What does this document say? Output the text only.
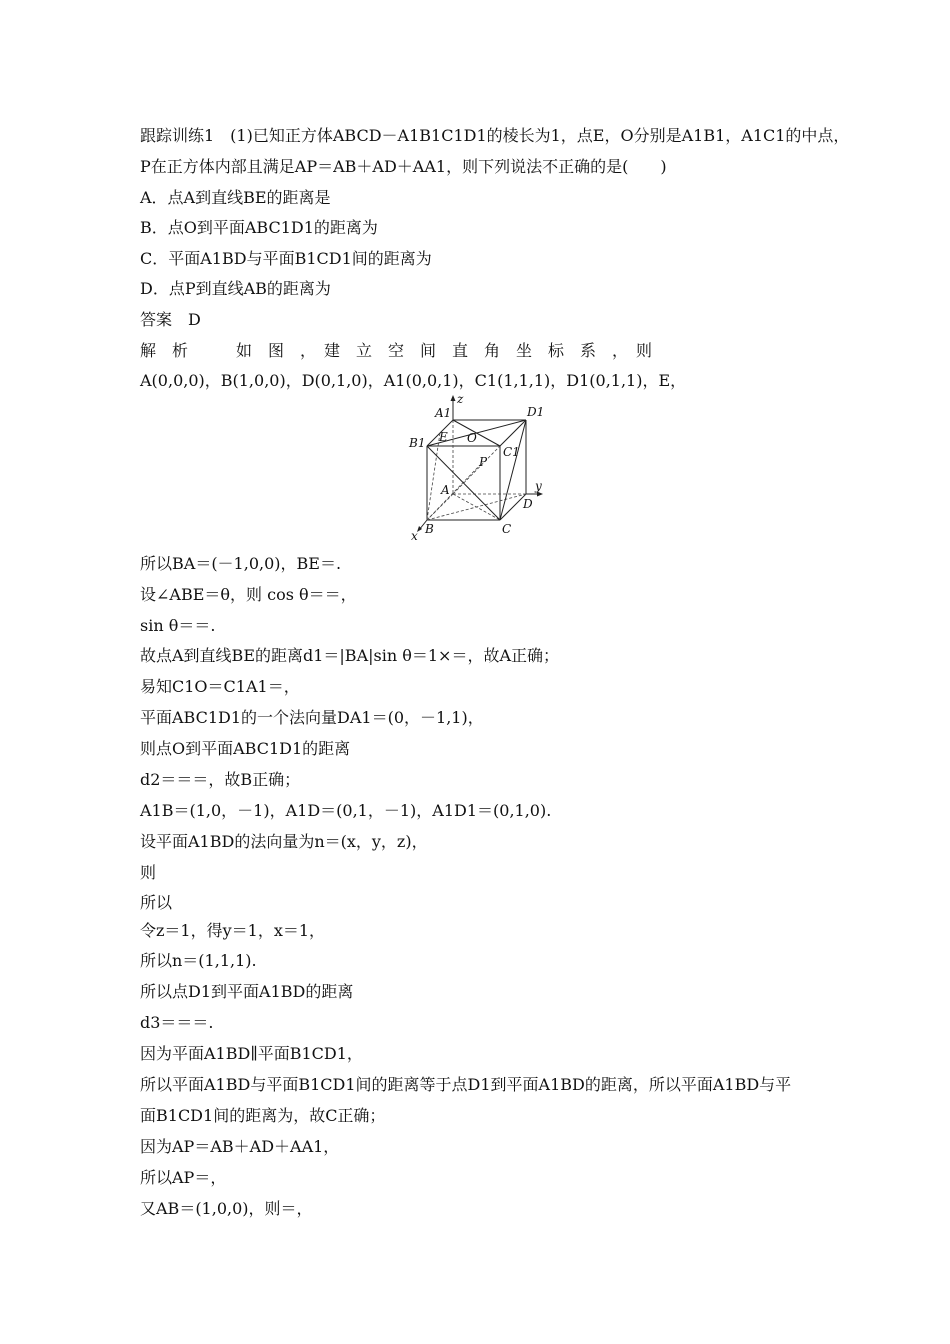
跟踪训练1　(1)已知正方体ABCD－A1B1C1D1的棱长为1，点E，O分别是A1B1，A1C1的中点，
P在正方体内部且满足AP＝AB＋AD＋AA1，则下列说法不正确的是(　　)
A．点A到直线BE的距离是
B．点O到平面ABC1D1的距离为
C．平面A1BD与平面B1CD1间的距离为
D．点P到直线AB的距离为
答案　D
解　析　　　如　图　，　建　立　空　间　直　角　坐　标　系　，　则
A(0,0,0)，B(1,0,0)，D(0,1,0)，A1(0,0,1)，C1(1,1,1)，D1(0,1,1)，E，
A1
z
D1
B1 E O
C1
P
A	y
D
B	C
x
所以BA＝(－1,0,0)，BE＝.
设∠ABE＝θ，则 cos θ＝＝，
sin θ＝＝.
故点A到直线BE的距离d1＝|BA|sin θ＝1×＝，故A正确；
易知C1O＝C1A1＝，
平面ABC1D1的一个法向量DA1＝(0，－1,1)，
则点O到平面ABC1D1的距离
d2＝＝＝，故B正确；
A1B＝(1,0，－1)，A1D＝(0,1，－1)，A1D1＝(0,1,0).
设平面A1BD的法向量为n＝(x，y，z)，
则
所以
令z＝1，得y＝1，x＝1，
所以n＝(1,1,1).
所以点D1到平面A1BD的距离
d3＝＝＝.
因为平面A1BD∥平面B1CD1，
所以平面A1BD与平面B1CD1间的距离等于点D1到平面A1BD的距离，所以平面A1BD与平
面B1CD1间的距离为，故C正确；
因为AP＝AB＋AD＋AA1，
所以AP＝，
又AB＝(1,0,0)，则＝，
